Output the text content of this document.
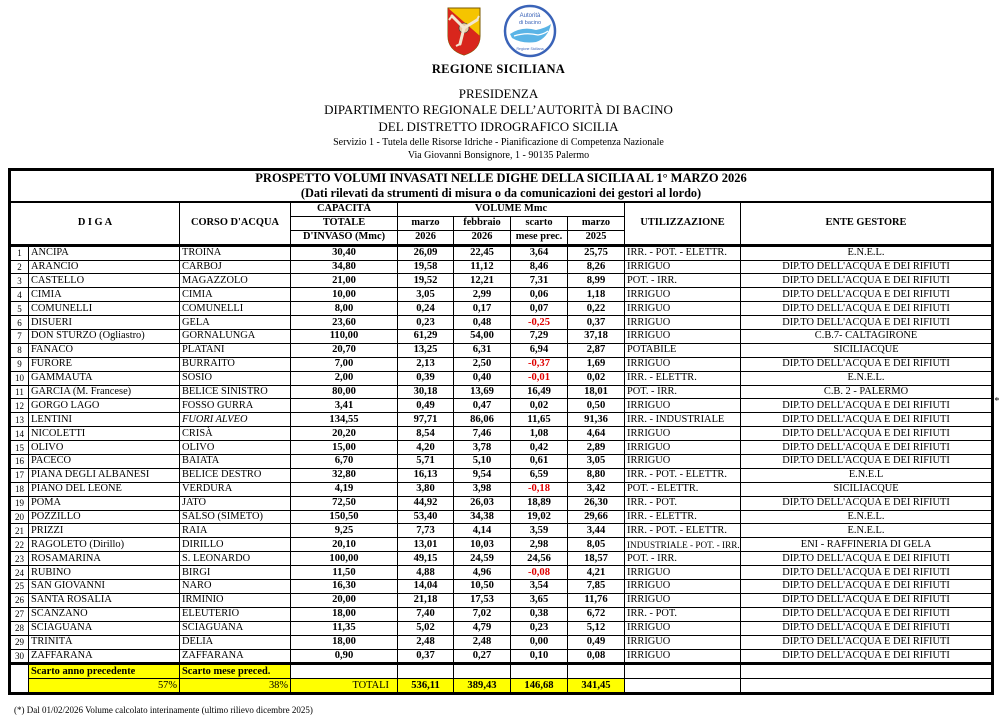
Autorità
di bacino
Regione Siciliana
REGIONE SICILIANA
PRESIDENZA
DIPARTIMENTO REGIONALE DELL’AUTORITÀ DI BACINO
DEL DISTRETTO IDROGRAFICO SICILIA
Servizio 1 - Tutela delle Risorse Idriche - Pianificazione di Competenza Nazionale
Via Giovanni Bonsignore, 1 - 90135 Palermo
PROSPETTO VOLUMI INVASATI NELLE DIGHE DELLA SICILIA AL 1° MARZO 2026
(Dati rilevati da strumenti di misura o da comunicazioni dei gestori al lordo)									

D I G A		CORSO D'ACQUA	CAPACITÀ	VOLUME Mmc				UTILIZZAZIONE	ENTE GESTORE
			TOTALE	marzo	febbraio	scarto	marzo		
			D'INVASO (Mmc)	2026	2026	mese prec.	2025		
1	ANCIPA	TROINA	30,40	26,09	22,45	3,64	25,75	IRR. - POT. - ELETTR.	E.N.E.L.
2	ARANCIO	CARBOJ	34,80	19,58	11,12	8,46	8,26	IRRIGUO	DIP.TO DELL'ACQUA E DEI RIFIUTI
3	CASTELLO	MAGAZZOLO	21,00	19,52	12,21	7,31	8,99	POT. - IRR.	DIP.TO DELL'ACQUA E DEI RIFIUTI
4	CIMIA	CIMIA	10,00	3,05	2,99	0,06	1,18	IRRIGUO	DIP.TO DELL'ACQUA E DEI RIFIUTI
5	COMUNELLI	COMUNELLI	8,00	0,24	0,17	0,07	0,22	IRRIGUO	DIP.TO DELL'ACQUA E DEI RIFIUTI
6	DISUERI	GELA	23,60	0,23	0,48	-0,25	0,37	IRRIGUO	DIP.TO DELL'ACQUA E DEI RIFIUTI
7	DON STURZO (Ogliastro)	GORNALUNGA	110,00	61,29	54,00	7,29	37,18	IRRIGUO	C.B.7- CALTAGIRONE
8	FANACO	PLATANI	20,70	13,25	6,31	6,94	2,87	POTABILE	SICILIACQUE
9	FURORE	BURRAITO	7,00	2,13	2,50	-0,37	1,69	IRRIGUO	DIP.TO DELL'ACQUA E DEI RIFIUTI
10	GAMMAUTA	SOSIO	2,00	0,39	0,40	-0,01	0,02	IRR. - ELETTR.	E.N.E.L.
11	GARCIA (M. Francese)	BELICE SINISTRO	80,00	30,18	13,69	16,49	18,01	POT. - IRR.	C.B. 2 - PALERMO
12	GORGO LAGO	FOSSO GURRA	3,41	0,49	0,47	0,02	0,50	IRRIGUO	DIP.TO DELL'ACQUA E DEI RIFIUTI
13	LENTINI	FUORI ALVEO	134,55	97,71	86,06	11,65	91,36	IRR. - INDUSTRIALE	DIP.TO DELL'ACQUA E DEI RIFIUTI
14	NICOLETTI	CRISÀ	20,20	8,54	7,46	1,08	4,64	IRRIGUO	DIP.TO DELL'ACQUA E DEI RIFIUTI
15	OLIVO	OLIVO	15,00	4,20	3,78	0,42	2,89	IRRIGUO	DIP.TO DELL'ACQUA E DEI RIFIUTI
16	PACECO	BAIATA	6,70	5,71	5,10	0,61	3,05	IRRIGUO	DIP.TO DELL'ACQUA E DEI RIFIUTI
17	PIANA DEGLI ALBANESI	BELICE DESTRO	32,80	16,13	9,54	6,59	8,80	IRR. - POT. - ELETTR.	E.N.E.L
18	PIANO DEL LEONE	VERDURA	4,19	3,80	3,98	-0,18	3,42	POT. - ELETTR.	SICILIACQUE
19	POMA	JATO	72,50	44,92	26,03	18,89	26,30	IRR. - POT.	DIP.TO DELL'ACQUA E DEI RIFIUTI
20	POZZILLO	SALSO (SIMETO)	150,50	53,40	34,38	19,02	29,66	IRR. - ELETTR.	E.N.E.L.
21	PRIZZI	RAIA	9,25	7,73	4,14	3,59	3,44	IRR. - POT. - ELETTR.	E.N.E.L.
22	RAGOLETO (Dirillo)	DIRILLO	20,10	13,01	10,03	2,98	8,05	INDUSTRIALE - POT. - IRR.	ENI - RAFFINERIA DI GELA
23	ROSAMARINA	S. LEONARDO	100,00	49,15	24,59	24,56	18,57	POT. - IRR.	DIP.TO DELL'ACQUA E DEI RIFIUTI
24	RUBINO	BIRGI	11,50	4,88	4,96	-0,08	4,21	IRRIGUO	DIP.TO DELL'ACQUA E DEI RIFIUTI
25	SAN GIOVANNI	NARO	16,30	14,04	10,50	3,54	7,85	IRRIGUO	DIP.TO DELL'ACQUA E DEI RIFIUTI
26	SANTA ROSALIA	IRMINIO	20,00	21,18	17,53	3,65	11,76	IRRIGUO	DIP.TO DELL'ACQUA E DEI RIFIUTI
27	SCANZANO	ELEUTERIO	18,00	7,40	7,02	0,38	6,72	IRR. - POT.	DIP.TO DELL'ACQUA E DEI RIFIUTI
28	SCIAGUANA	SCIAGUANA	11,35	5,02	4,79	0,23	5,12	IRRIGUO	DIP.TO DELL'ACQUA E DEI RIFIUTI
29	TRINITÀ	DELIA	18,00	2,48	2,48	0,00	0,49	IRRIGUO	DIP.TO DELL'ACQUA E DEI RIFIUTI
30	ZAFFARANA	ZAFFARANA	0,90	0,37	0,27	0,10	0,08	IRRIGUO	DIP.TO DELL'ACQUA E DEI RIFIUTI
	Scarto anno precedente	Scarto mese preced.							
	57%	38%	TOTALI	536,11	389,43	146,68	341,45		
(*
(*) Dal 01/02/2026 Volume calcolato interinamente (ultimo rilievo dicembre 2025)
